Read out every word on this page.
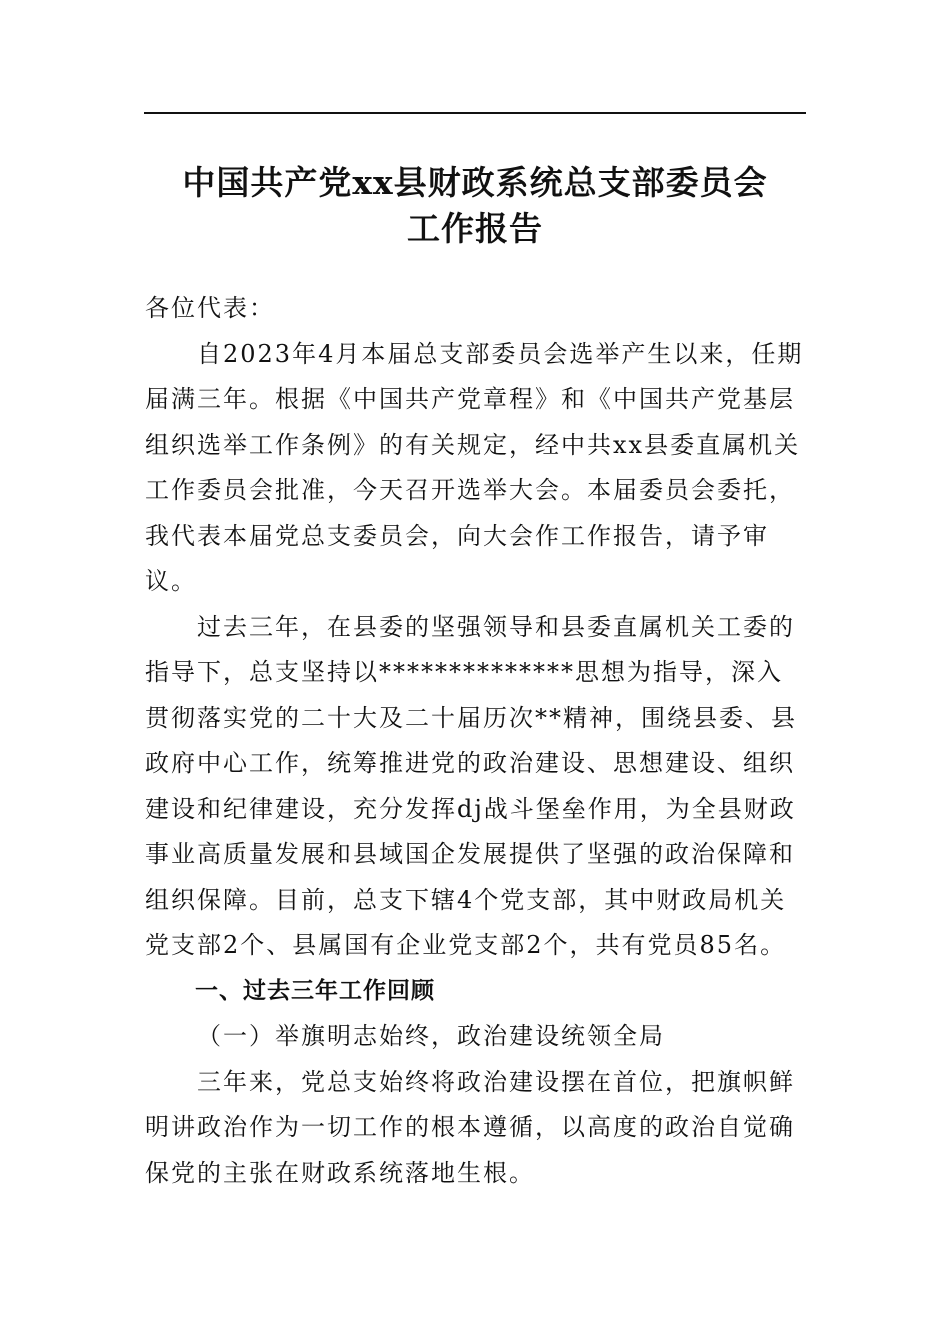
中国共产党xx县财政系统总支部委员会
工作报告

各位代表：

自2023年4月本届总支部委员会选举产生以来，任期届满三年。根据《中国共产党章程》和《中国共产党基层组织选举工作条例》的有关规定，经中共xx县委直属机关工作委员会批准，今天召开选举大会。本届委员会委托，我代表本届党总支委员会，向大会作工作报告，请予审议。

过去三年，在县委的坚强领导和县委直属机关工委的指导下，总支坚持以**************思想为指导，深入贯彻落实党的二十大及二十届历次**精神，围绕县委、县政府中心工作，统筹推进党的政治建设、思想建设、组织建设和纪律建设，充分发挥dj战斗堡垒作用，为全县财政事业高质量发展和县域国企发展提供了坚强的政治保障和组织保障。目前，总支下辖4个党支部，其中财政局机关党支部2个、县属国有企业党支部2个，共有党员85名。

一、过去三年工作回顾

（一）举旗明志始终，政治建设统领全局

三年来，党总支始终将政治建设摆在首位，把旗帜鲜明讲政治作为一切工作的根本遵循，以高度的政治自觉确保党的主张在财政系统落地生根。
